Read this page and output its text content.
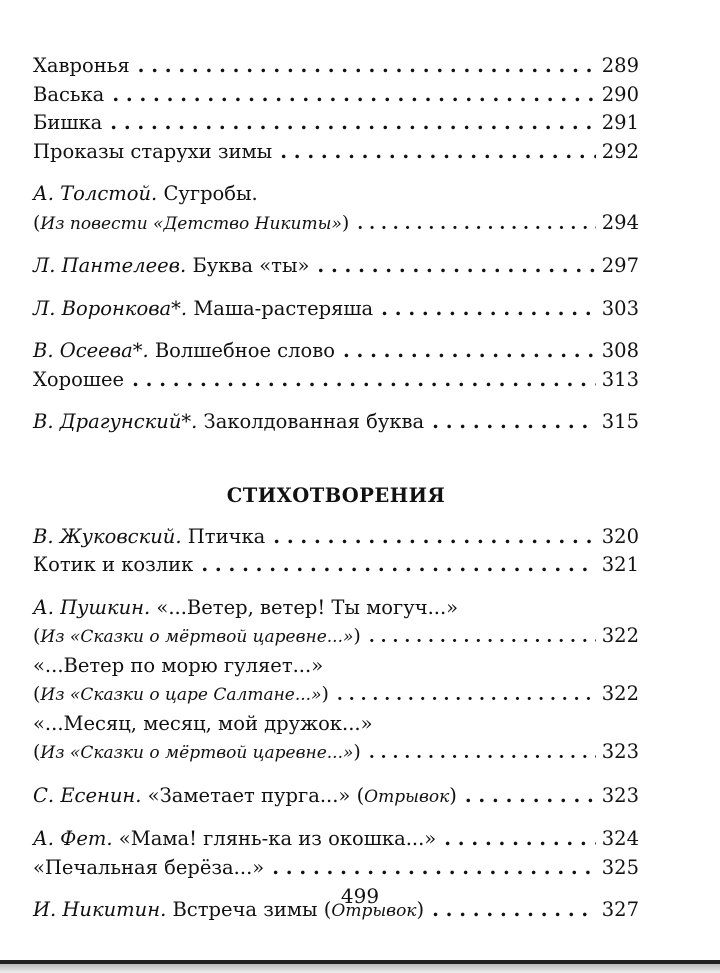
Хавронья . . .	289
Васька . . .	290
Бишка . . .	291
Проказы старухи зимы . . .	292
А. Толстой. Сугробы.
(Из повести «Детство Никиты») . . .	294
Л. Пантелеев. Буква «ты» . . .	297
Л. Воронкова*. Маша-растеряша . . .	303
В. Осеева*. Волшебное слово . . .	308
Хорошее . . .	313
В. Драгунский*. Заколдованная буква . . .	315
СТИХОТВОРЕНИЯ
В. Жуковский. Птичка . . .	320
Котик и козлик . . .	321
А. Пушкин. «...Ветер, ветер! Ты могуч...»
(Из «Сказки о мёртвой царевне...») . . .	322
«...Ветер по морю гуляет...»
(Из «Сказки о царе Салтане...») . . .	322
«...Месяц, месяц, мой дружок...»
(Из «Сказки о мёртвой царевне...») . . .	323
С. Есенин. «Заметает пурга...» (Отрывок) . . .	323
А. Фет. «Мама! глянь-ка из окошка...» . . .	324
«Печальная берёза...» . . .	325
И. Никитин. Встреча зимы (Отрывок) . . .	327
499
